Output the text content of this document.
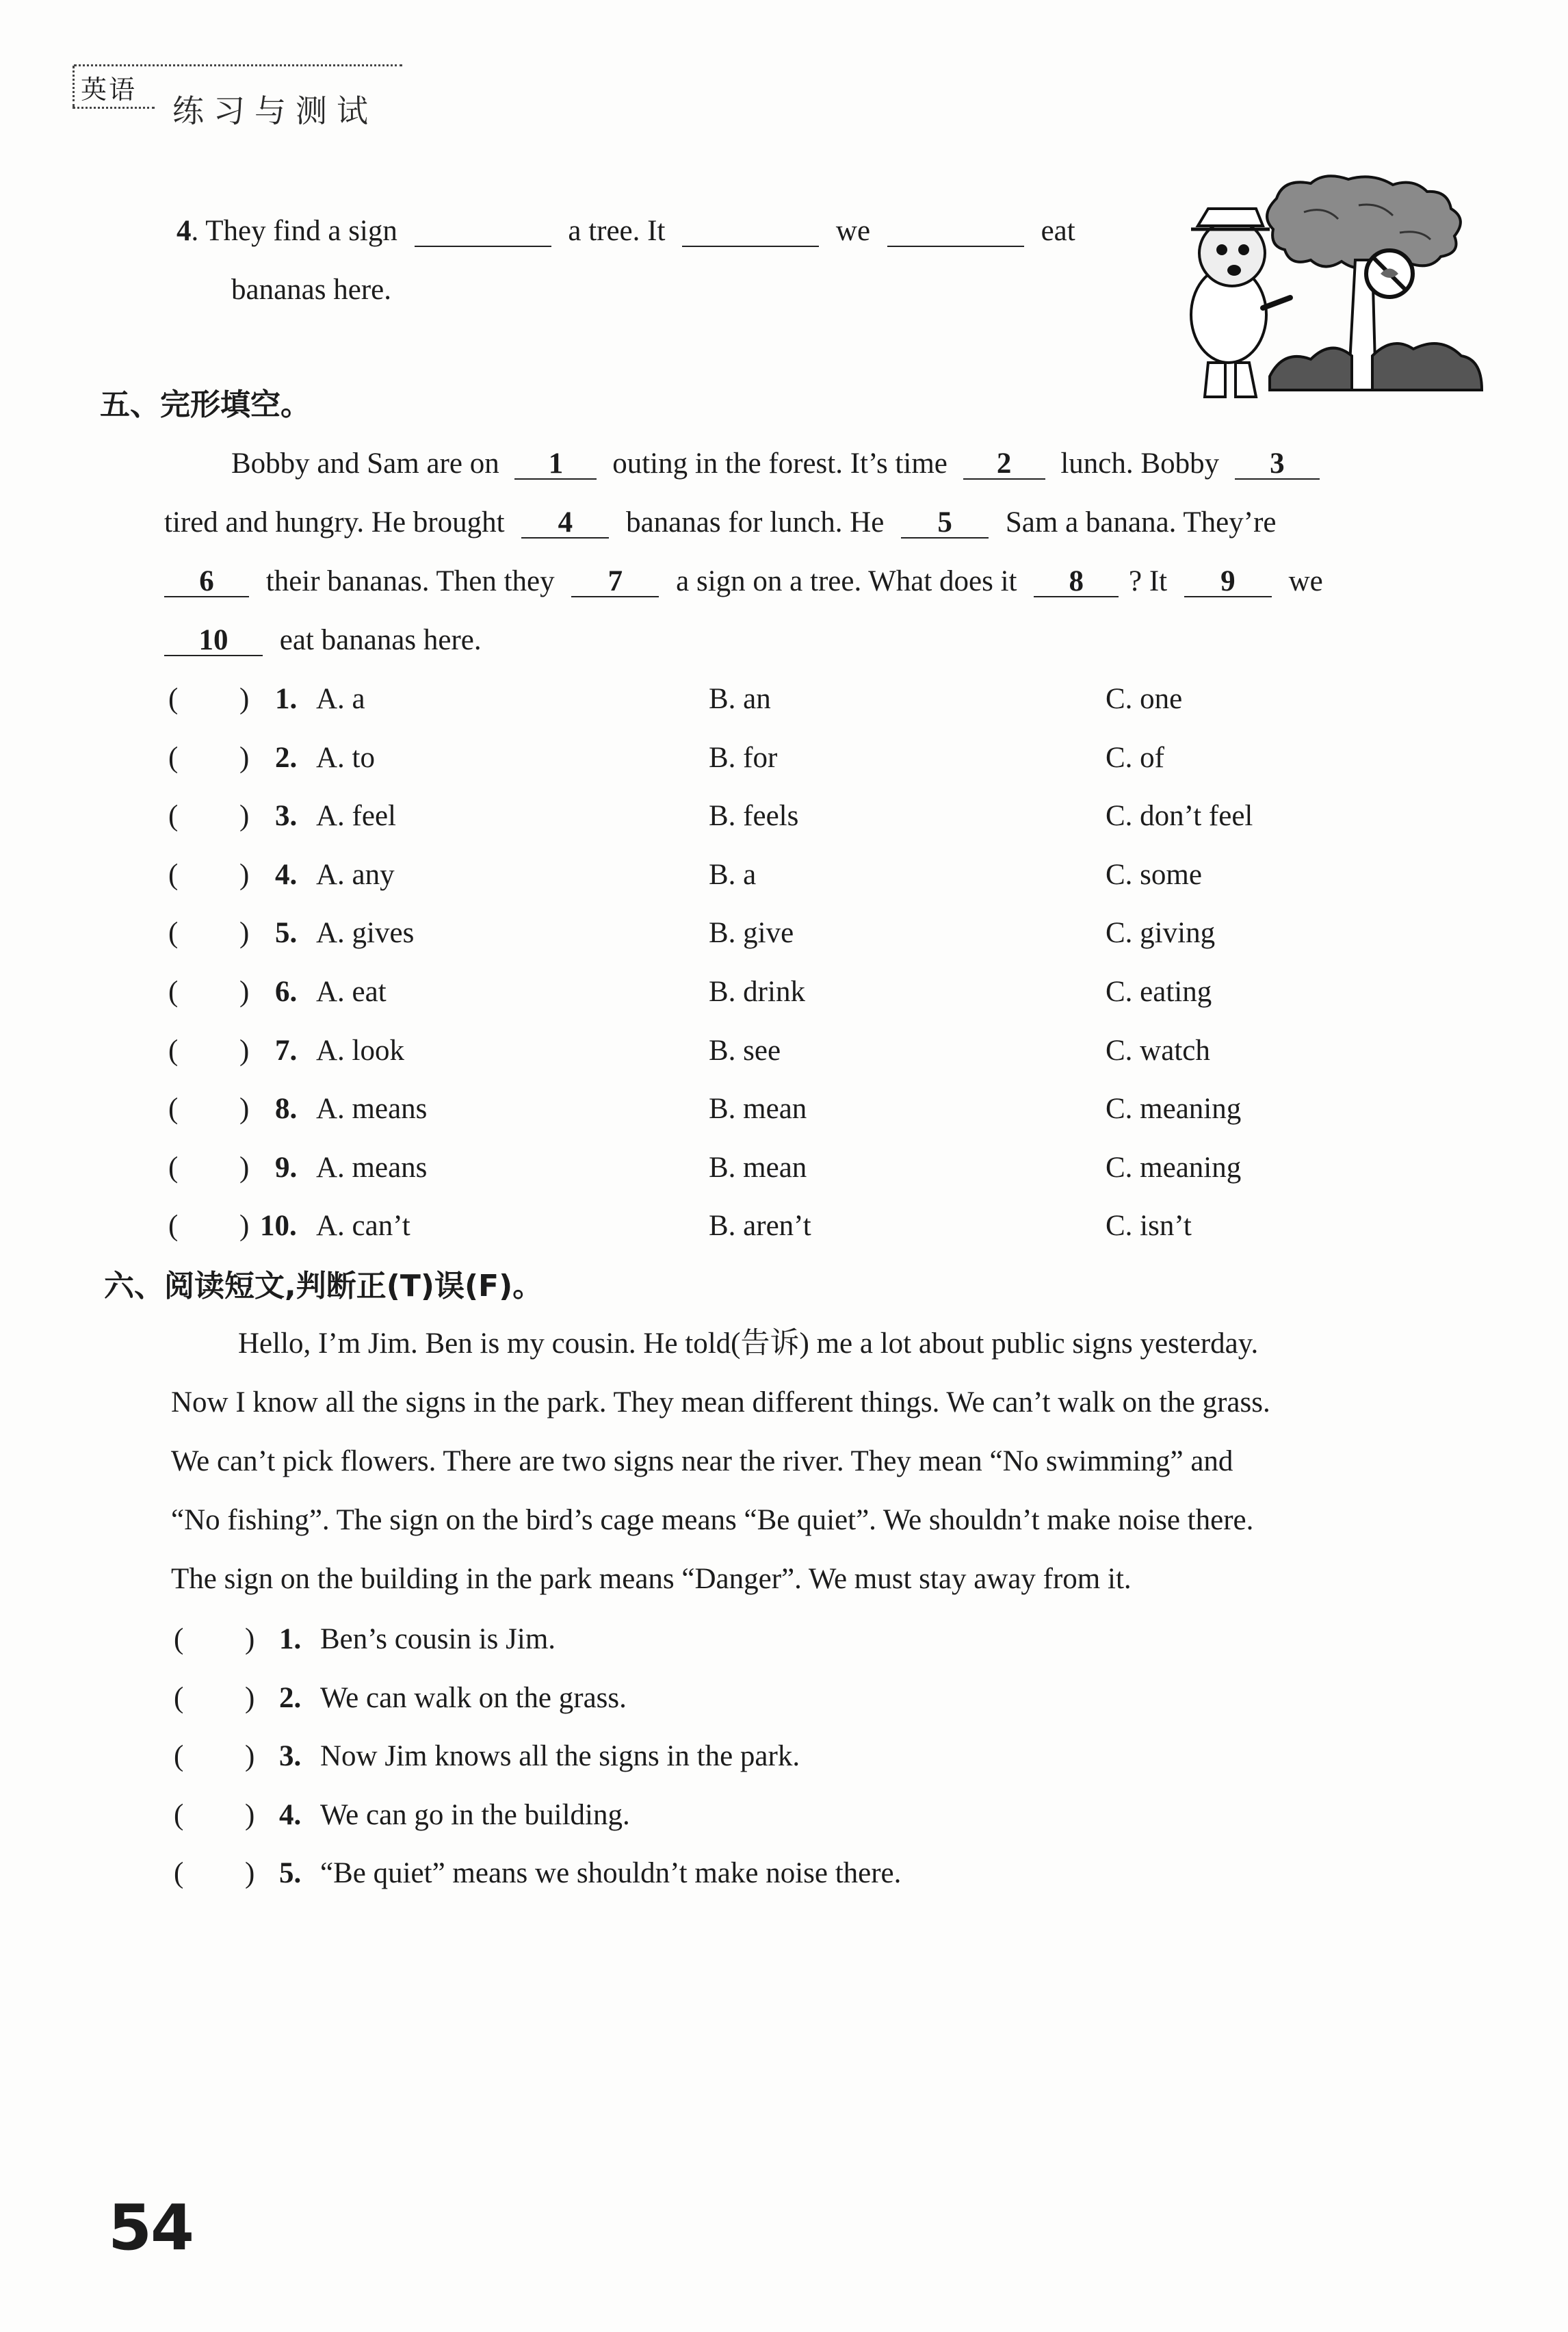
英语
练习与测试
4. They find a sign	a tree. It	we	eat
bananas here.
五、完形填空。
Bobby and Sam are on 1 outing in the forest. It’s time 2 lunch. Bobby 3
tired and hungry. He brought 4 bananas for lunch. He 5 Sam a banana. They’re
6 their bananas. Then they 7 a sign on a tree. What does it 8 ? It 9 we
10 eat bananas here.
( ) 1. A. a	B. an	C. one
( ) 2. A. to	B. for	C. of
( ) 3. A. feel	B. feels	C. don’t feel
( ) 4. A. any	B. a	C. some
( ) 5. A. gives	B. give	C. giving
( ) 6. A. eat	B. drink	C. eating
( ) 7. A. look	B. see	C. watch
( ) 8. A. means	B. mean	C. meaning
( ) 9. A. means	B. mean	C. meaning
( ) 10. A. can’t	B. aren’t	C. isn’t
六、阅读短文,判断正(T)误(F)。
Hello, I’m Jim. Ben is my cousin. He told(告诉) me a lot about public signs yesterday.
Now I know all the signs in the park. They mean different things. We can’t walk on the grass.
We can’t pick flowers. There are two signs near the river. They mean “No swimming” and
“No fishing”. The sign on the bird’s cage means “Be quiet”. We shouldn’t make noise there.
The sign on the building in the park means “Danger”. We must stay away from it.
( ) 1. Ben’s cousin is Jim.
( ) 2. We can walk on the grass.
( ) 3. Now Jim knows all the signs in the park.
( ) 4. We can go in the building.
( ) 5. “Be quiet” means we shouldn’t make noise there.
54
